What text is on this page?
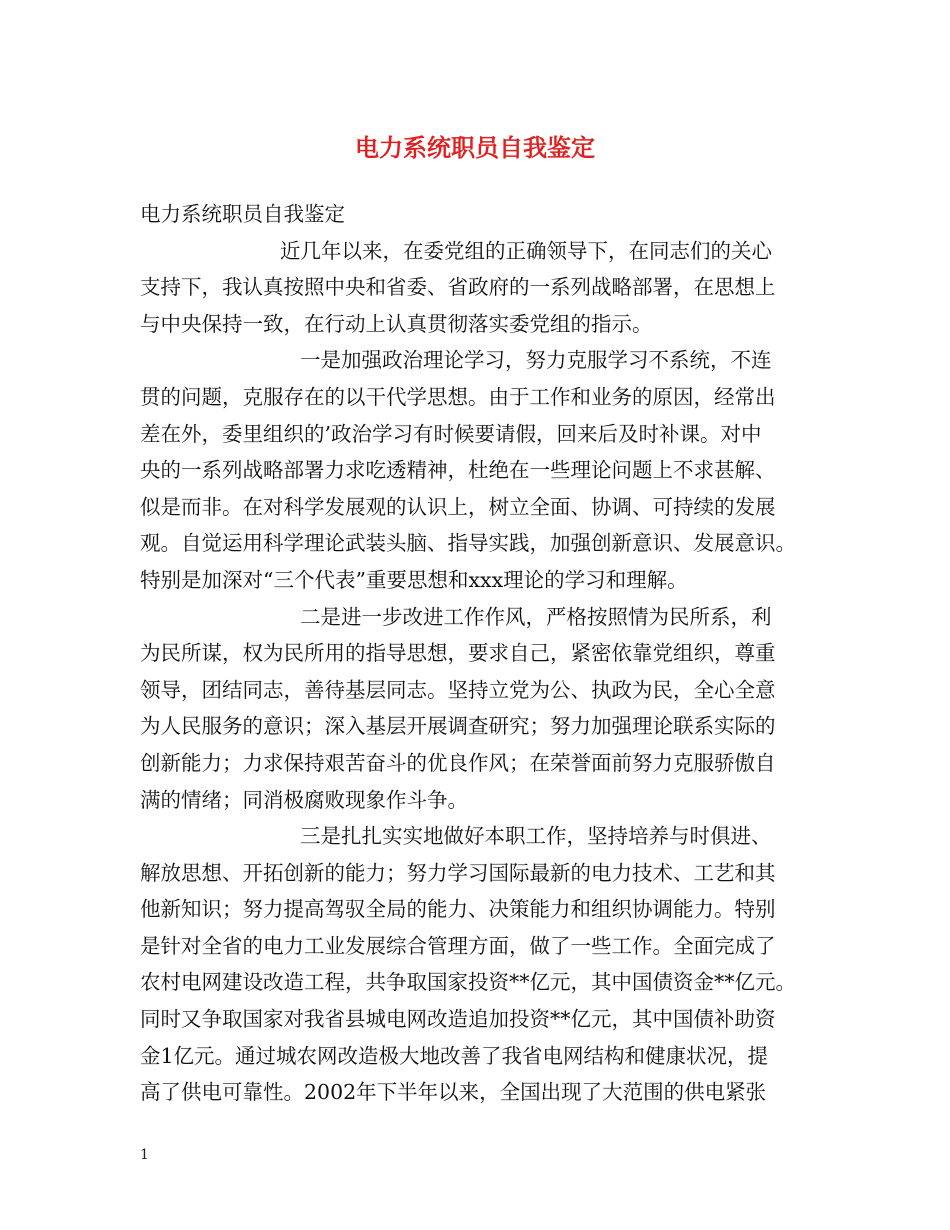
电力系统职员自我鉴定
电力系统职员自我鉴定
近几年以来，在委党组的正确领导下，在同志们的关心
支持下，我认真按照中央和省委、省政府的一系列战略部署，在思想上
与中央保持一致，在行动上认真贯彻落实委党组的指示。
一是加强政治理论学习，努力克服学习不系统，不连
贯的问题，克服存在的以干代学思想。由于工作和业务的原因，经常出
差在外，委里组织的’政治学习有时候要请假，回来后及时补课。对中
央的一系列战略部署力求吃透精神，杜绝在一些理论问题上不求甚解、
似是而非。在对科学发展观的认识上，树立全面、协调、可持续的发展
观。自觉运用科学理论武装头脑、指导实践，加强创新意识、发展意识。
特别是加深对“三个代表”重要思想和xxx理论的学习和理解。
二是进一步改进工作作风，严格按照情为民所系，利
为民所谋，权为民所用的指导思想，要求自己，紧密依靠党组织，尊重
领导，团结同志，善待基层同志。坚持立党为公、执政为民，全心全意
为人民服务的意识；深入基层开展调查研究；努力加强理论联系实际的
创新能力；力求保持艰苦奋斗的优良作风；在荣誉面前努力克服骄傲自
满的情绪；同消极腐败现象作斗争。
三是扎扎实实地做好本职工作，坚持培养与时俱进、
解放思想、开拓创新的能力；努力学习国际最新的电力技术、工艺和其
他新知识；努力提高驾驭全局的能力、决策能力和组织协调能力。特别
是针对全省的电力工业发展综合管理方面，做了一些工作。全面完成了
农村电网建设改造工程，共争取国家投资**亿元，其中国债资金**亿元。
同时又争取国家对我省县城电网改造追加投资**亿元，其中国债补助资
金1亿元。通过城农网改造极大地改善了我省电网结构和健康状况，提
高了供电可靠性。2002年下半年以来，全国出现了大范围的供电紧张
1
